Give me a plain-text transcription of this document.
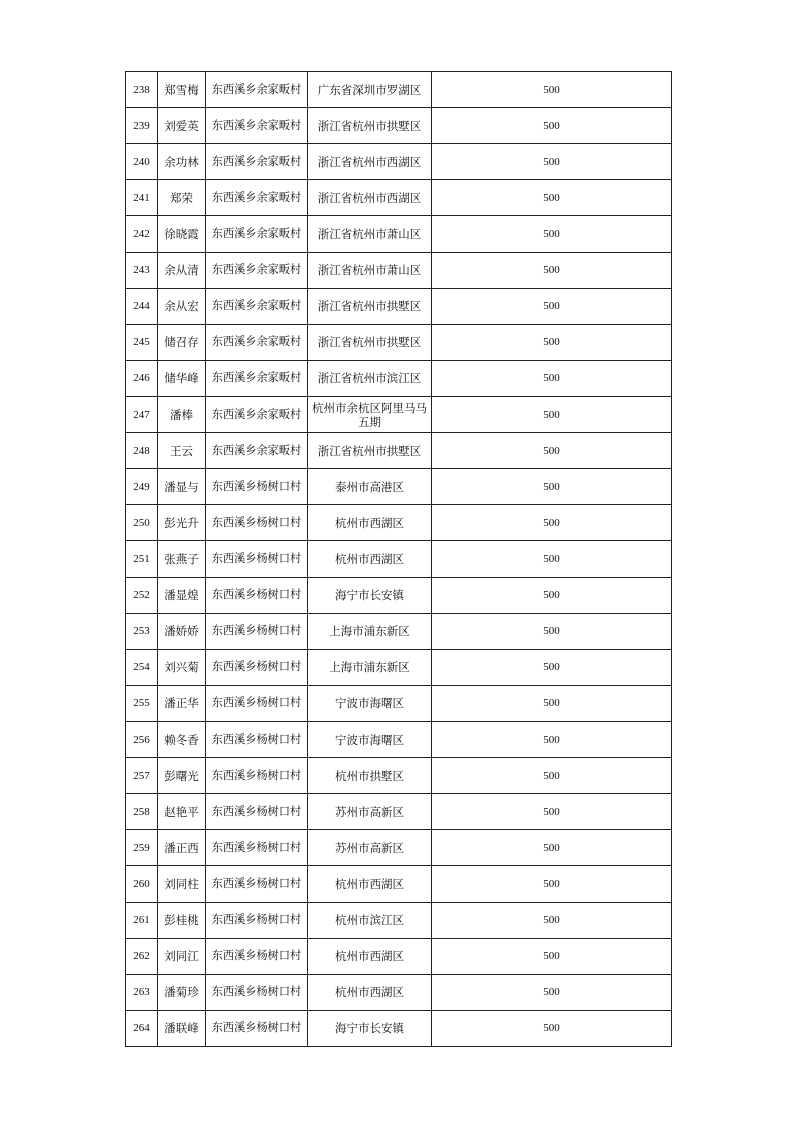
238	郑雪梅	东西溪乡余家畈村	广东省深圳市罗湖区	500
239	刘爱英	东西溪乡余家畈村	浙江省杭州市拱墅区	500
240	余功林	东西溪乡余家畈村	浙江省杭州市西湖区	500
241	郑荣	东西溪乡余家畈村	浙江省杭州市西湖区	500
242	徐晓霞	东西溪乡余家畈村	浙江省杭州市萧山区	500
243	余从清	东西溪乡余家畈村	浙江省杭州市萧山区	500
244	余从宏	东西溪乡余家畈村	浙江省杭州市拱墅区	500
245	储召存	东西溪乡余家畈村	浙江省杭州市拱墅区	500
246	储华峰	东西溪乡余家畈村	浙江省杭州市滨江区	500
247	潘棒	东西溪乡余家畈村	杭州市余杭区阿里马马五期	500
248	王云	东西溪乡余家畈村	浙江省杭州市拱墅区	500
249	潘显与	东西溪乡杨树口村	泰州市高港区	500
250	彭光升	东西溪乡杨树口村	杭州市西湖区	500
251	张燕子	东西溪乡杨树口村	杭州市西湖区	500
252	潘显煌	东西溪乡杨树口村	海宁市长安镇	500
253	潘娇娇	东西溪乡杨树口村	上海市浦东新区	500
254	刘兴菊	东西溪乡杨树口村	上海市浦东新区	500
255	潘正华	东西溪乡杨树口村	宁波市海曙区	500
256	赖冬香	东西溪乡杨树口村	宁波市海曙区	500
257	彭曙光	东西溪乡杨树口村	杭州市拱墅区	500
258	赵艳平	东西溪乡杨树口村	苏州市高新区	500
259	潘正西	东西溪乡杨树口村	苏州市高新区	500
260	刘同柱	东西溪乡杨树口村	杭州市西湖区	500
261	彭桂桃	东西溪乡杨树口村	杭州市滨江区	500
262	刘同江	东西溪乡杨树口村	杭州市西湖区	500
263	潘菊珍	东西溪乡杨树口村	杭州市西湖区	500
264	潘联峰	东西溪乡杨树口村	海宁市长安镇	500
